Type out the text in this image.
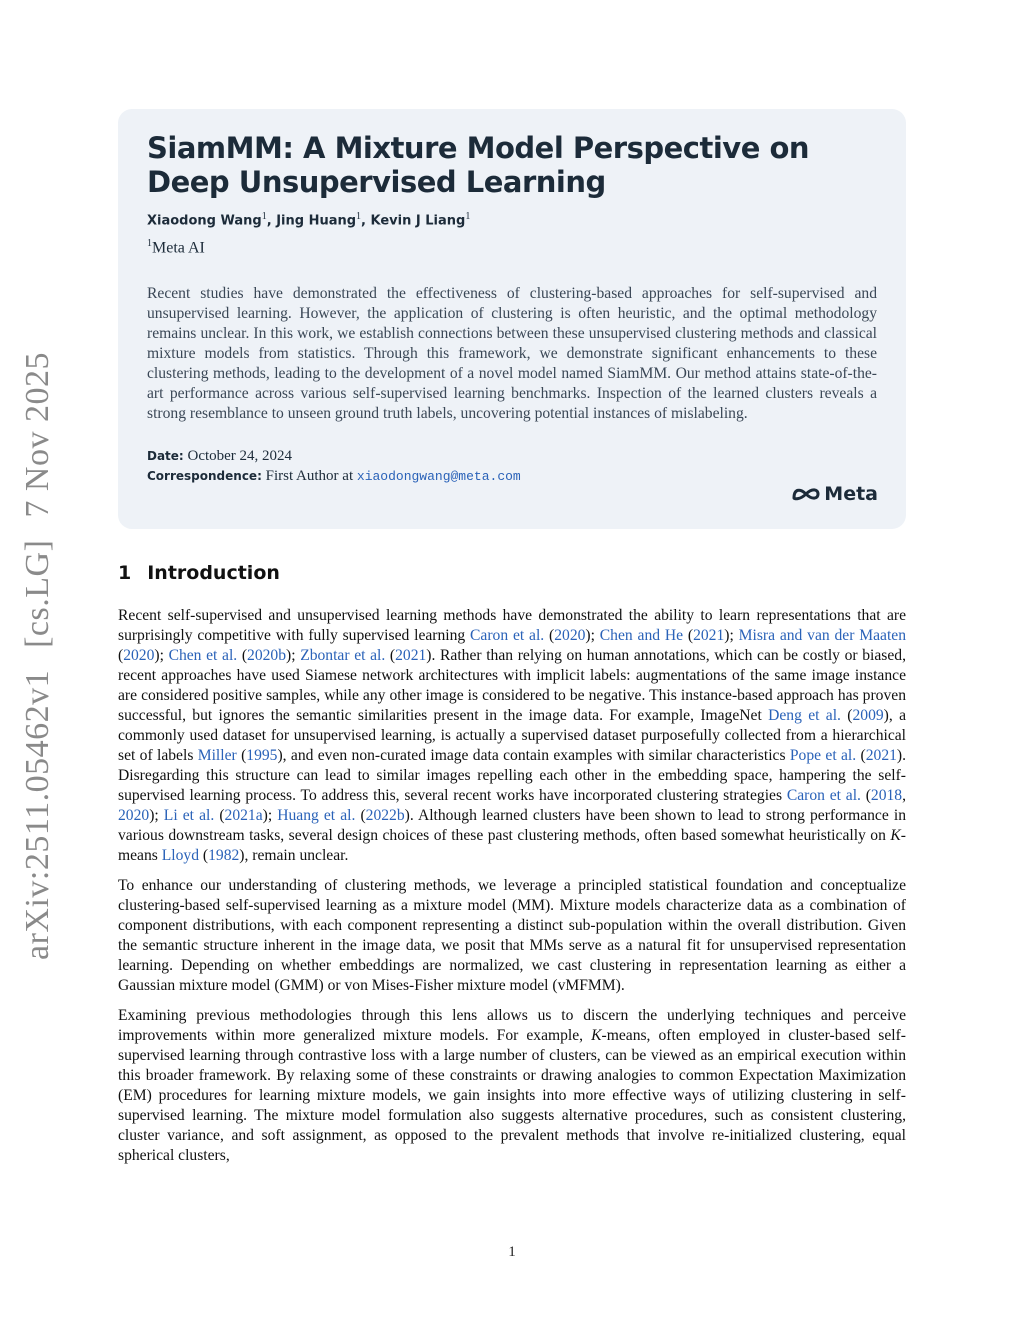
arXiv:2511.05462v1
[cs.LG]
7 Nov 2025
SiamMM: A Mixture Model Perspective on Deep Unsupervised Learning
Xiaodong Wang$^1$, Jing Huang$^1$, Kevin J Liang$^1$
$^1$Meta AI
Recent studies have demonstrated the effectiveness of clustering-based approaches for self-supervised and unsupervised learning. However, the application of clustering is often heuristic, and the optimal methodology remains unclear. In this work, we establish connections between these unsupervised clustering methods and classical mixture models from statistics. Through this framework, we demonstrate significant enhancements to these clustering methods, leading to the development of a novel model named SiamMM. Our method attains state-of-the-art performance across various self-supervised learning benchmarks. Inspection of the learned clusters reveals a strong resemblance to unseen ground truth labels, uncovering potential instances of mislabeling.
Date: October 24, 2024
Correspondence: First Author at xiaodongwang@meta.com
Meta
1 Introduction

Recent self-supervised and unsupervised learning methods have demonstrated the ability to learn representations that are surprisingly competitive with fully supervised learning Caron et al. (2020); Chen and He (2021); Misra and van der Maaten (2020); Chen et al. (2020b); Zbontar et al. (2021). Rather than relying on human annotations, which can be costly or biased, recent approaches have used Siamese network architectures with implicit labels: augmentations of the same image instance are considered positive samples, while any other image is considered to be negative. This instance-based approach has proven successful, but ignores the semantic similarities present in the image data. For example, ImageNet Deng et al. (2009), a commonly used dataset for unsupervised learning, is actually a supervised dataset purposefully collected from a hierarchical set of labels Miller (1995), and even non-curated image data contain examples with similar characteristics Pope et al. (2021). Disregarding this structure can lead to similar images repelling each other in the embedding space, hampering the self-supervised learning process. To address this, several recent works have incorporated clustering strategies Caron et al. (2018, 2020); Li et al. (2021a); Huang et al. (2022b). Although learned clusters have been shown to lead to strong performance in various downstream tasks, several design choices of these past clustering methods, often based somewhat heuristically on K-means Lloyd (1982), remain unclear.

To enhance our understanding of clustering methods, we leverage a principled statistical foundation and conceptualize clustering-based self-supervised learning as a mixture model (MM). Mixture models characterize data as a combination of component distributions, with each component representing a distinct sub-population within the overall distribution. Given the semantic structure inherent in the image data, we posit that MMs serve as a natural fit for unsupervised representation learning. Depending on whether embeddings are normalized, we cast clustering in representation learning as either a Gaussian mixture model (GMM) or von Mises-Fisher mixture model (vMFMM).

Examining previous methodologies through this lens allows us to discern the underlying techniques and perceive improvements within more generalized mixture models. For example, K-means, often employed in cluster-based self-supervised learning through contrastive loss with a large number of clusters, can be viewed as an empirical execution within this broader framework. By relaxing some of these constraints or drawing analogies to common Expectation Maximization (EM) procedures for learning mixture models, we gain insights into more effective ways of utilizing clustering in self-supervised learning. The mixture model formulation also suggests alternative procedures, such as consistent clustering, cluster variance, and soft assignment, as opposed to the prevalent methods that involve re-initialized clustering, equal spherical clusters,

1
